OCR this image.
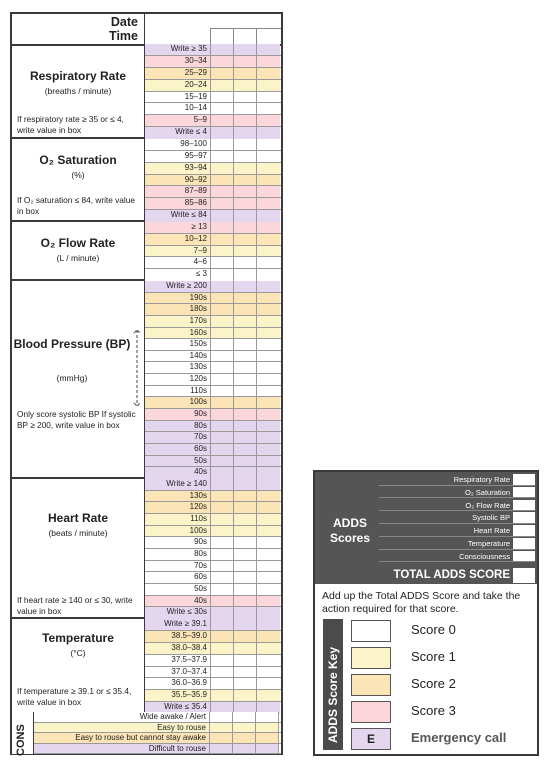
Date
Time
Respiratory Rate
(breaths / minute)
If respiratory rate ≥ 35 or ≤ 4, write value in box
Write ≥ 35
30–34
25–29
20–24
15–19
10–14
5–9
Write ≤ 4
O₂ Saturation
(%)
If O₂ saturation ≤ 84, write value in box
98–100
95–97
93–94
90–92
87–89
85–86
Write ≤ 84
O₂ Flow Rate
(L / minute)
≥ 13
10–12
7–9
4–6
≤ 3
Blood Pressure (BP)
(mmHg)
Only score systolic BP If systolic BP ≥ 200, write value in box
Write ≥ 200
190s
180s
170s
160s
150s
140s
130s
120s
110s
100s
90s
80s
70s
60s
50s
40s
Heart Rate
(beats / minute)
If heart rate ≥ 140 or ≤ 30, write value in box
Write ≥ 140
130s
120s
110s
100s
90s
80s
70s
60s
50s
40s
Write ≤ 30s
Temperature
(°C)
If temperature ≥ 39.1 or ≤ 35.4, write value in box
Write ≥ 39.1
38.5–39.0
38.0–38.4
37.5–37.9
37.0–37.4
36.0–36.9
35.5–35.9
Write ≤ 35.4
CONS
Wide awake / Alert
Easy to rouse
Easy to rouse but cannot stay awake
Difficult to rouse
ADDS Scores
Respiratory Rate
O₂ Saturation
O₂ Flow Rate
Systolic BP
Heart Rate
Temperature
Consciousness
TOTAL ADDS SCORE
Add up the Total ADDS Score and take the action required for that score.
ADDS Score Key
Score 0
Score 1
Score 2
Score 3
E	Emergency call
